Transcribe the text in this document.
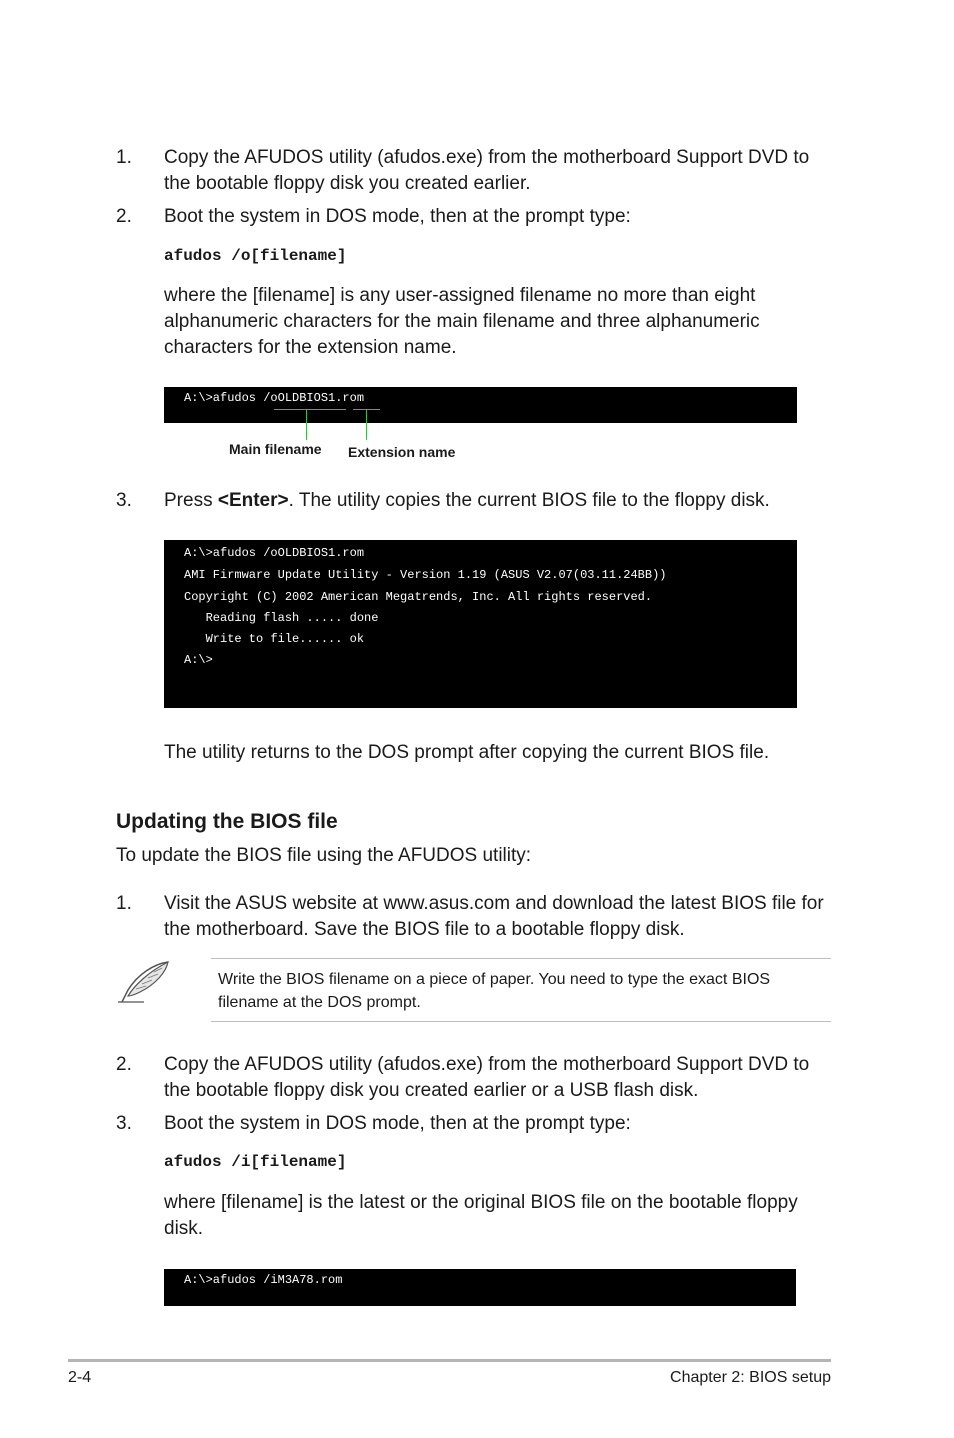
1. Copy the AFUDOS utility (afudos.exe) from the motherboard Support DVD to the bootable floppy disk you created earlier.
2. Boot the system in DOS mode, then at the prompt type:
afudos /o[filename]
where the [filename] is any user-assigned filename no more than eight alphanumeric characters for the main filename and three alphanumeric characters for the extension name.
A:\>afudos /oOLDBIOS1.rom
Main filename Extension name
3. Press <Enter>. The utility copies the current BIOS file to the floppy disk.
A:\>afudos /oOLDBIOS1.rom
AMI Firmware Update Utility - Version 1.19 (ASUS V2.07(03.11.24BB))
Copyright (C) 2002 American Megatrends, Inc. All rights reserved.
Reading flash ..... done
Write to file...... ok
A:\>
The utility returns to the DOS prompt after copying the current BIOS file.
Updating the BIOS file
To update the BIOS file using the AFUDOS utility:
1. Visit the ASUS website at www.asus.com and download the latest BIOS file for the motherboard. Save the BIOS file to a bootable floppy disk.
Write the BIOS filename on a piece of paper. You need to type the exact BIOS filename at the DOS prompt.
2. Copy the AFUDOS utility (afudos.exe) from the motherboard Support DVD to the bootable floppy disk you created earlier or a USB flash disk.
3. Boot the system in DOS mode, then at the prompt type:
afudos /i[filename]
where [filename] is the latest or the original BIOS file on the bootable floppy disk.
A:\>afudos /iM3A78.rom
2-4	Chapter 2: BIOS setup
